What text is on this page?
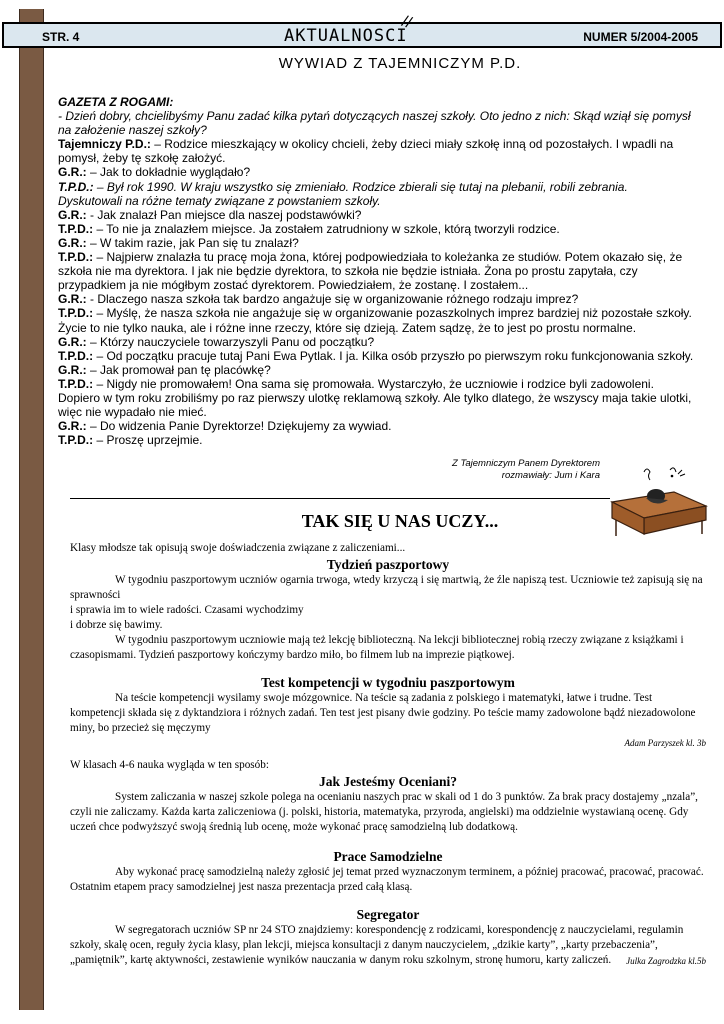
STR. 4	AKTUALNOSCI	NUMER 5/2004-2005
//
WYWIAD Z TAJEMNICZYM P.D.

GAZETA Z ROGAMI:

- Dzień dobry, chcielibyśmy Panu zadać kilka pytań dotyczących naszej szkoły. Oto jedno z nich: Skąd wziął się pomysł na założenie naszej szkoły?

Tajemniczy P.D.: – Rodzice mieszkający w okolicy chcieli, żeby dzieci miały szkołę inną od pozostałych. I wpadli na pomysł, żeby tę szkołę założyć.

G.R.: – Jak to dokładnie wyglądało?

T.P.D.: – Był rok 1990. W kraju wszystko się zmieniało. Rodzice zbierali się tutaj na plebanii, robili zebrania. Dyskutowali na różne tematy związane z powstaniem szkoły.

G.R.: - Jak znalazł Pan miejsce dla naszej podstawówki?

T.P.D.: – To nie ja znalazłem miejsce. Ja zostałem zatrudniony w szkole, którą tworzyli rodzice.

G.R.: – W takim razie, jak Pan się tu znalazł?

T.P.D.: – Najpierw znalazła tu pracę moja żona, której podpowiedziała to koleżanka ze studiów. Potem okazało się, że szkoła nie ma dyrektora. I jak nie będzie dyrektora, to szkoła nie będzie istniała. Żona po prostu zapytała, czy przypadkiem ja nie mógłbym zostać dyrektorem. Powiedziałem, że zostanę. I zostałem...

G.R.: - Dlaczego nasza szkoła tak bardzo angażuje się w organizowanie różnego rodzaju imprez?

T.P.D.: – Myślę, że nasza szkoła nie angażuje się w organizowanie pozaszkolnych imprez bardziej niż pozostałe szkoły. Życie to nie tylko nauka, ale i różne inne rzeczy, które się dzieją. Zatem sądzę, że to jest po prostu normalne.

G.R.: – Którzy nauczyciele towarzyszyli Panu od początku?

T.P.D.: – Od początku pracuje tutaj Pani Ewa Pytlak. I ja. Kilka osób przyszło po pierwszym roku funkcjonowania szkoły.

G.R.: – Jak promował pan tę placówkę?

T.P.D.: – Nigdy nie promowałem! Ona sama się promowała. Wystarczyło, że uczniowie i rodzice byli zadowoleni. Dopiero w tym roku zrobiliśmy po raz pierwszy ulotkę reklamową szkoły. Ale tylko dlatego, że wszyscy maja takie ulotki, więc nie wypadało nie mieć.

G.R.: – Do widzenia Panie Dyrektorze! Dziękujemy za wywiad.

T.P.D.: – Proszę uprzejmie.

Z Tajemniczym Panem Dyrektorem
rozmawiały: Jum i Kara
TAK SIĘ U NAS UCZY...

Klasy młodsze tak opisują swoje doświadczenia związane z zaliczeniami...

Tydzień paszportowy

W tygodniu paszportowym uczniów ogarnia trwoga, wtedy krzyczą i się martwią, że źle napiszą test. Uczniowie też zapisują się na sprawności

i sprawia im to wiele radości. Czasami wychodzimy

i dobrze się bawimy.

W tygodniu paszportowym uczniowie mają też lekcję biblioteczną. Na lekcji bibliotecznej robią rzeczy związane z książkami i czasopismami. Tydzień paszportowy kończymy bardzo miło, bo filmem lub na imprezie piątkowej.

Test kompetencji w tygodniu paszportowym

Na teście kompetencji wysilamy swoje mózgownice. Na teście są zadania z polskiego i matematyki, łatwe i trudne. Test kompetencji składa się z dyktandziora i różnych zadań. Ten test jest pisany dwie godziny. Po teście mamy zadowolone bądź niezadowolone miny, bo przecież się męczymy

Adam Parzyszek kl. 3b

W klasach 4-6 nauka wygląda w ten sposób:

Jak Jesteśmy Oceniani?

System zaliczania w naszej szkole polega na ocenianiu naszych prac w skali od 1 do 3 punktów. Za brak pracy dostajemy „nzala”, czyli nie zaliczamy. Każda karta zaliczeniowa (j. polski, historia, matematyka, przyroda, angielski) ma oddzielnie wystawianą ocenę. Gdy uczeń chce podwyższyć swoją średnią lub ocenę, może wykonać pracę samodzielną lub dodatkową.

Prace Samodzielne

Aby wykonać pracę samodzielną należy zgłosić jej temat przed wyznaczonym terminem, a później pracować, pracować, pracować. Ostatnim etapem pracy samodzielnej jest nasza prezentacja przed całą klasą.

Segregator

W segregatorach uczniów SP nr 24 STO znajdziemy: korespondencję z rodzicami, korespondencję z nauczycielami, regulamin szkoły, skalę ocen, reguły życia klasy, plan lekcji, miejsca konsultacji z danym nauczycielem, „dzikie karty”, „karty przebaczenia”, „pamiętnik”, kartę aktywności, zestawienie wyników nauczania w danym roku szkolnym, stronę humoru, karty zaliczeń.	Julka Zagrodzka kl.5b
